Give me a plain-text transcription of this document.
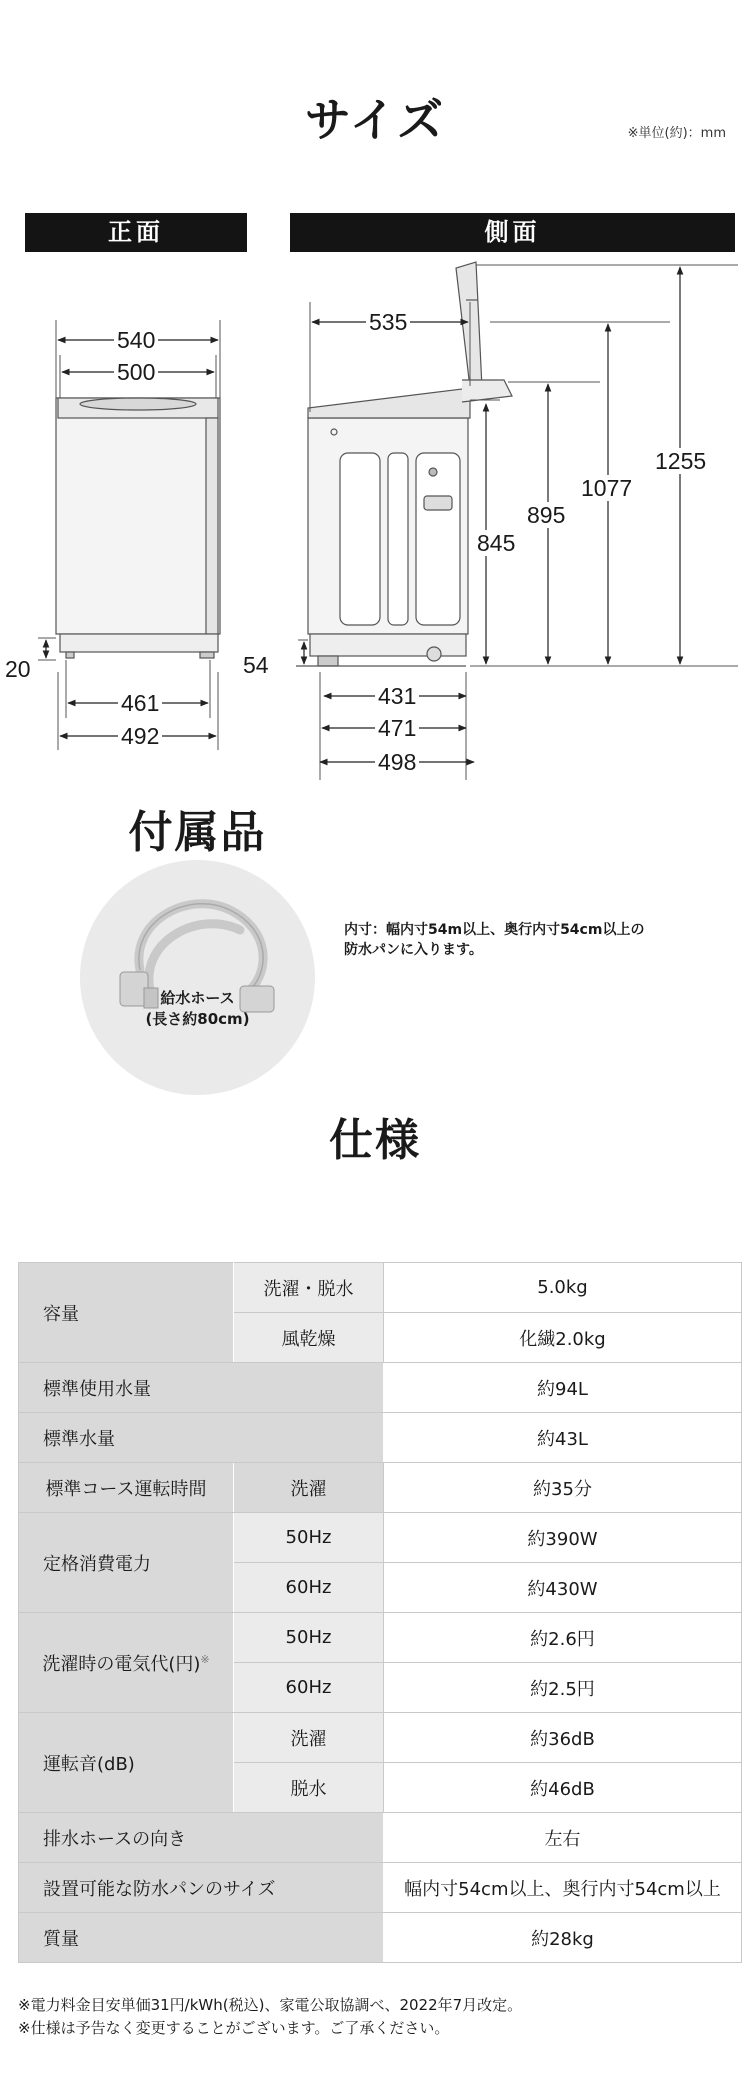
サイズ	※単位(約)：mm
正面	側面
540
500
20
461
492
535
54
431
471
498
845
895
1077
1255
付属品
給水ホース
(長さ約80cm)
内寸：幅内寸54m以上、奥行内寸54cm以上の
防水パンに入ります。
仕様
容量	洗濯・脱水	5.0kg
	風乾燥	化繊2.0kg
標準使用水量		約94L
標準水量		約43L
標準コース運転時間	洗濯	約35分
定格消費電力	50Hz	約390W
	60Hz	約430W
洗濯時の電気代(円)※	50Hz	約2.6円
	60Hz	約2.5円
運転音(dB)	洗濯	約36dB
	脱水	約46dB
排水ホースの向き		左右
設置可能な防水パンのサイズ		幅内寸54cm以上、奥行内寸54cm以上
質量		約28kg
※電力料金目安単価31円/kWh(税込)、家電公取協調べ、2022年7月改定。
※仕様は予告なく変更することがございます。ご了承ください。
